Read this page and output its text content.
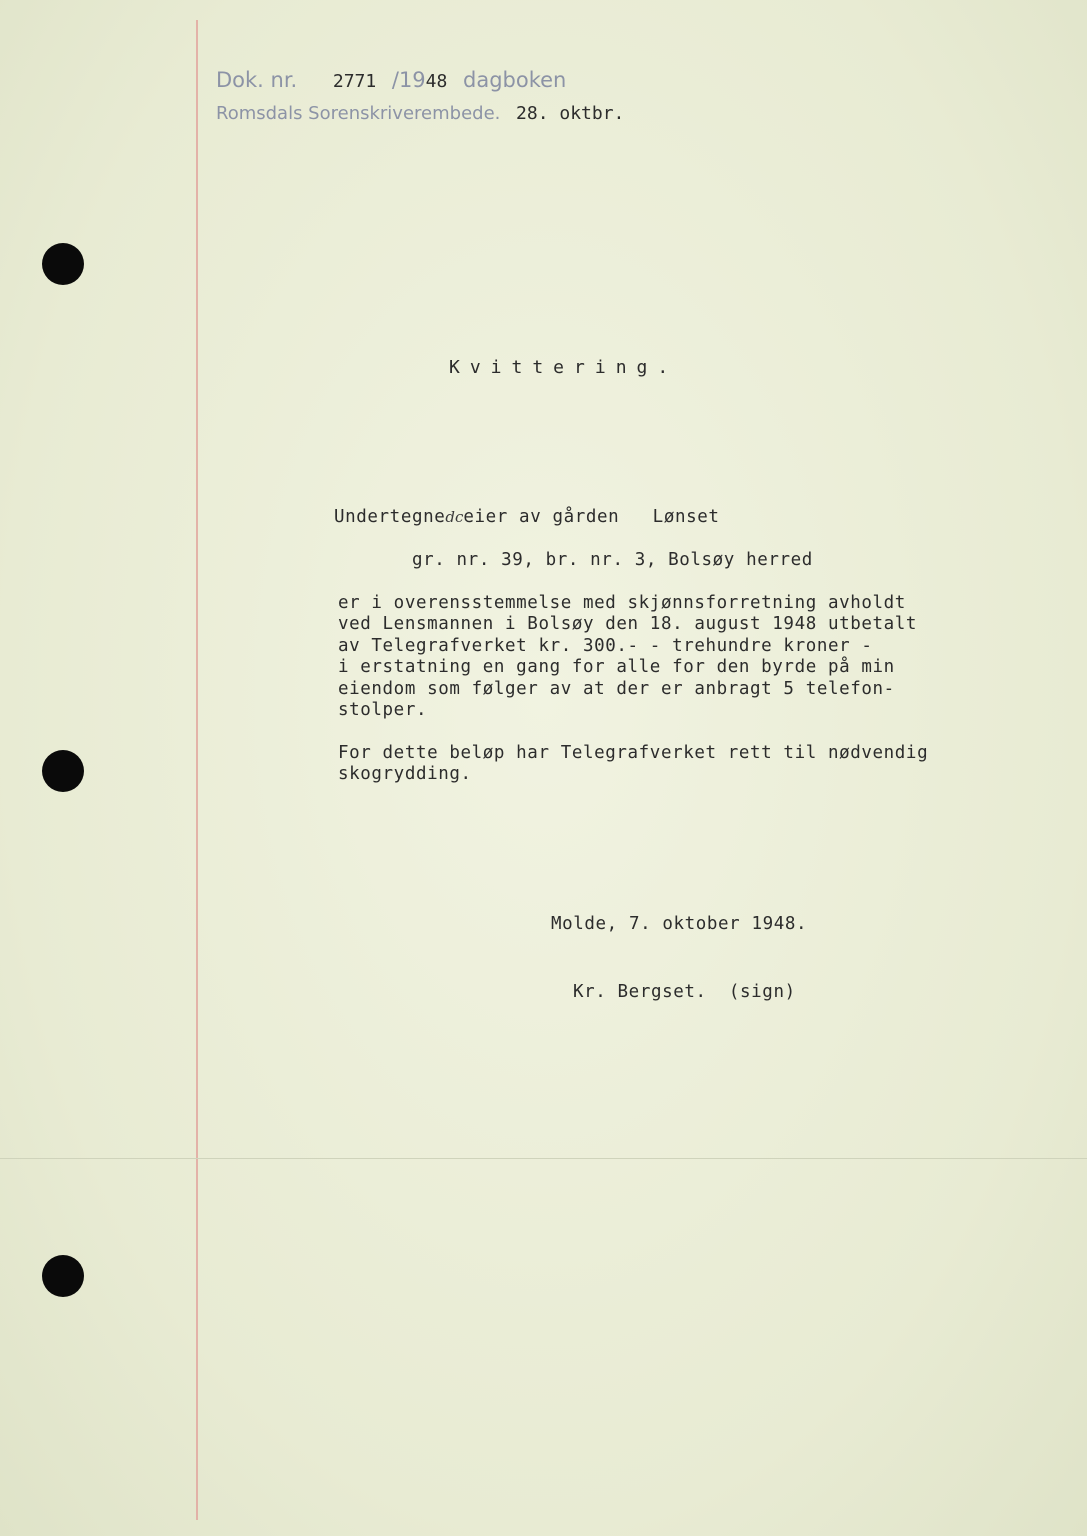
Dok. nr. 2771 /1948 dagboken
Romsdals Sorenskriverembede. 28. oktbr.
Kvittering.
Undertegnedceier av gården   Lønset
gr. nr. 39, br. nr. 3, Bolsøy herred
er i overensstemmelse med skjønnsforretning avholdt
ved Lensmannen i Bolsøy den 18. august 1948 utbetalt
av Telegrafverket kr. 300.- - trehundre kroner -
i erstatning en gang for alle for den byrde på min
eiendom som følger av at der er anbragt 5 telefon-
stolper.
For dette beløp har Telegrafverket rett til nødvendig
skogrydding.
Molde, 7. oktober 1948.
Kr. Bergset.  (sign)
